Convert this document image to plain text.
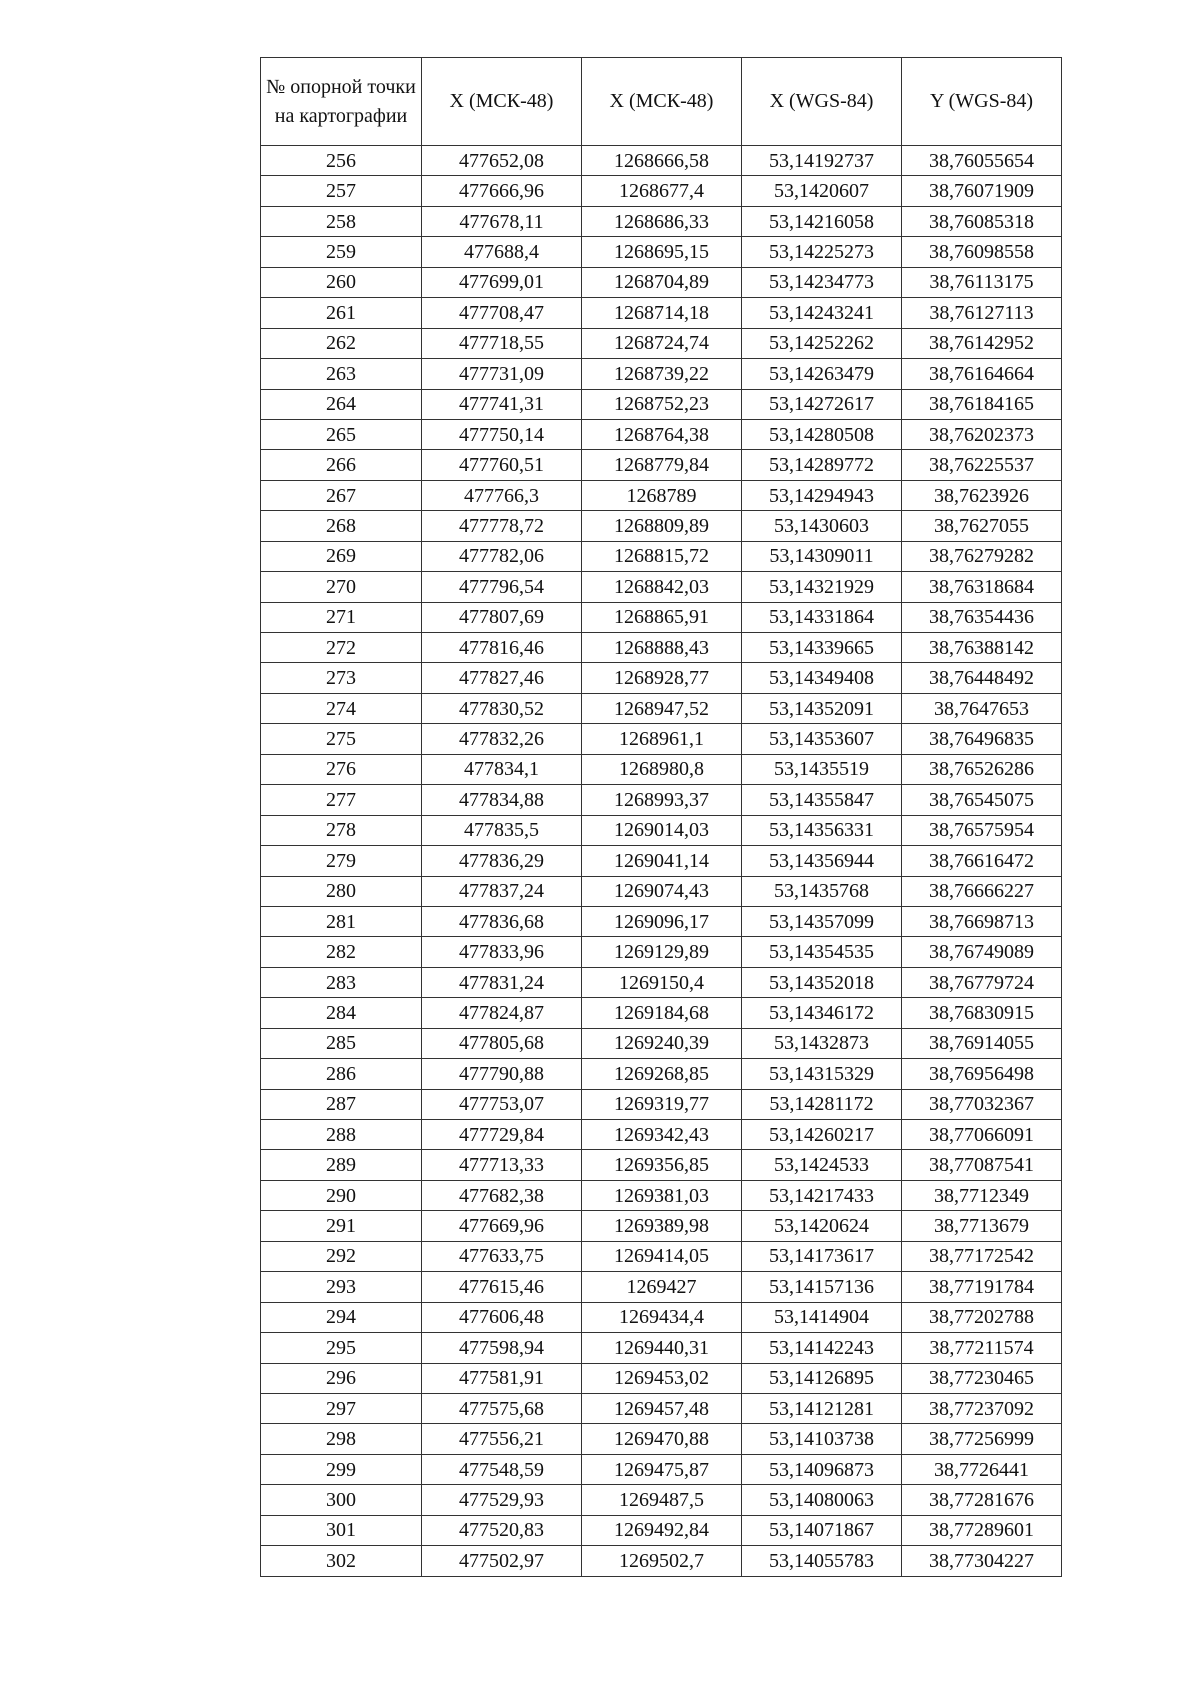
№ опорной точки на картографии	X (МСК-48)	X (МСК-48)	X (WGS-84)	Y (WGS-84)
256	477652,08	1268666,58	53,14192737	38,76055654
257	477666,96	1268677,4	53,1420607	38,76071909
258	477678,11	1268686,33	53,14216058	38,76085318
259	477688,4	1268695,15	53,14225273	38,76098558
260	477699,01	1268704,89	53,14234773	38,76113175
261	477708,47	1268714,18	53,14243241	38,76127113
262	477718,55	1268724,74	53,14252262	38,76142952
263	477731,09	1268739,22	53,14263479	38,76164664
264	477741,31	1268752,23	53,14272617	38,76184165
265	477750,14	1268764,38	53,14280508	38,76202373
266	477760,51	1268779,84	53,14289772	38,76225537
267	477766,3	1268789	53,14294943	38,7623926
268	477778,72	1268809,89	53,1430603	38,7627055
269	477782,06	1268815,72	53,14309011	38,76279282
270	477796,54	1268842,03	53,14321929	38,76318684
271	477807,69	1268865,91	53,14331864	38,76354436
272	477816,46	1268888,43	53,14339665	38,76388142
273	477827,46	1268928,77	53,14349408	38,76448492
274	477830,52	1268947,52	53,14352091	38,7647653
275	477832,26	1268961,1	53,14353607	38,76496835
276	477834,1	1268980,8	53,1435519	38,76526286
277	477834,88	1268993,37	53,14355847	38,76545075
278	477835,5	1269014,03	53,14356331	38,76575954
279	477836,29	1269041,14	53,14356944	38,76616472
280	477837,24	1269074,43	53,1435768	38,76666227
281	477836,68	1269096,17	53,14357099	38,76698713
282	477833,96	1269129,89	53,14354535	38,76749089
283	477831,24	1269150,4	53,14352018	38,76779724
284	477824,87	1269184,68	53,14346172	38,76830915
285	477805,68	1269240,39	53,1432873	38,76914055
286	477790,88	1269268,85	53,14315329	38,76956498
287	477753,07	1269319,77	53,14281172	38,77032367
288	477729,84	1269342,43	53,14260217	38,77066091
289	477713,33	1269356,85	53,1424533	38,77087541
290	477682,38	1269381,03	53,14217433	38,7712349
291	477669,96	1269389,98	53,1420624	38,7713679
292	477633,75	1269414,05	53,14173617	38,77172542
293	477615,46	1269427	53,14157136	38,77191784
294	477606,48	1269434,4	53,1414904	38,77202788
295	477598,94	1269440,31	53,14142243	38,77211574
296	477581,91	1269453,02	53,14126895	38,77230465
297	477575,68	1269457,48	53,14121281	38,77237092
298	477556,21	1269470,88	53,14103738	38,77256999
299	477548,59	1269475,87	53,14096873	38,7726441
300	477529,93	1269487,5	53,14080063	38,77281676
301	477520,83	1269492,84	53,14071867	38,77289601
302	477502,97	1269502,7	53,14055783	38,77304227
